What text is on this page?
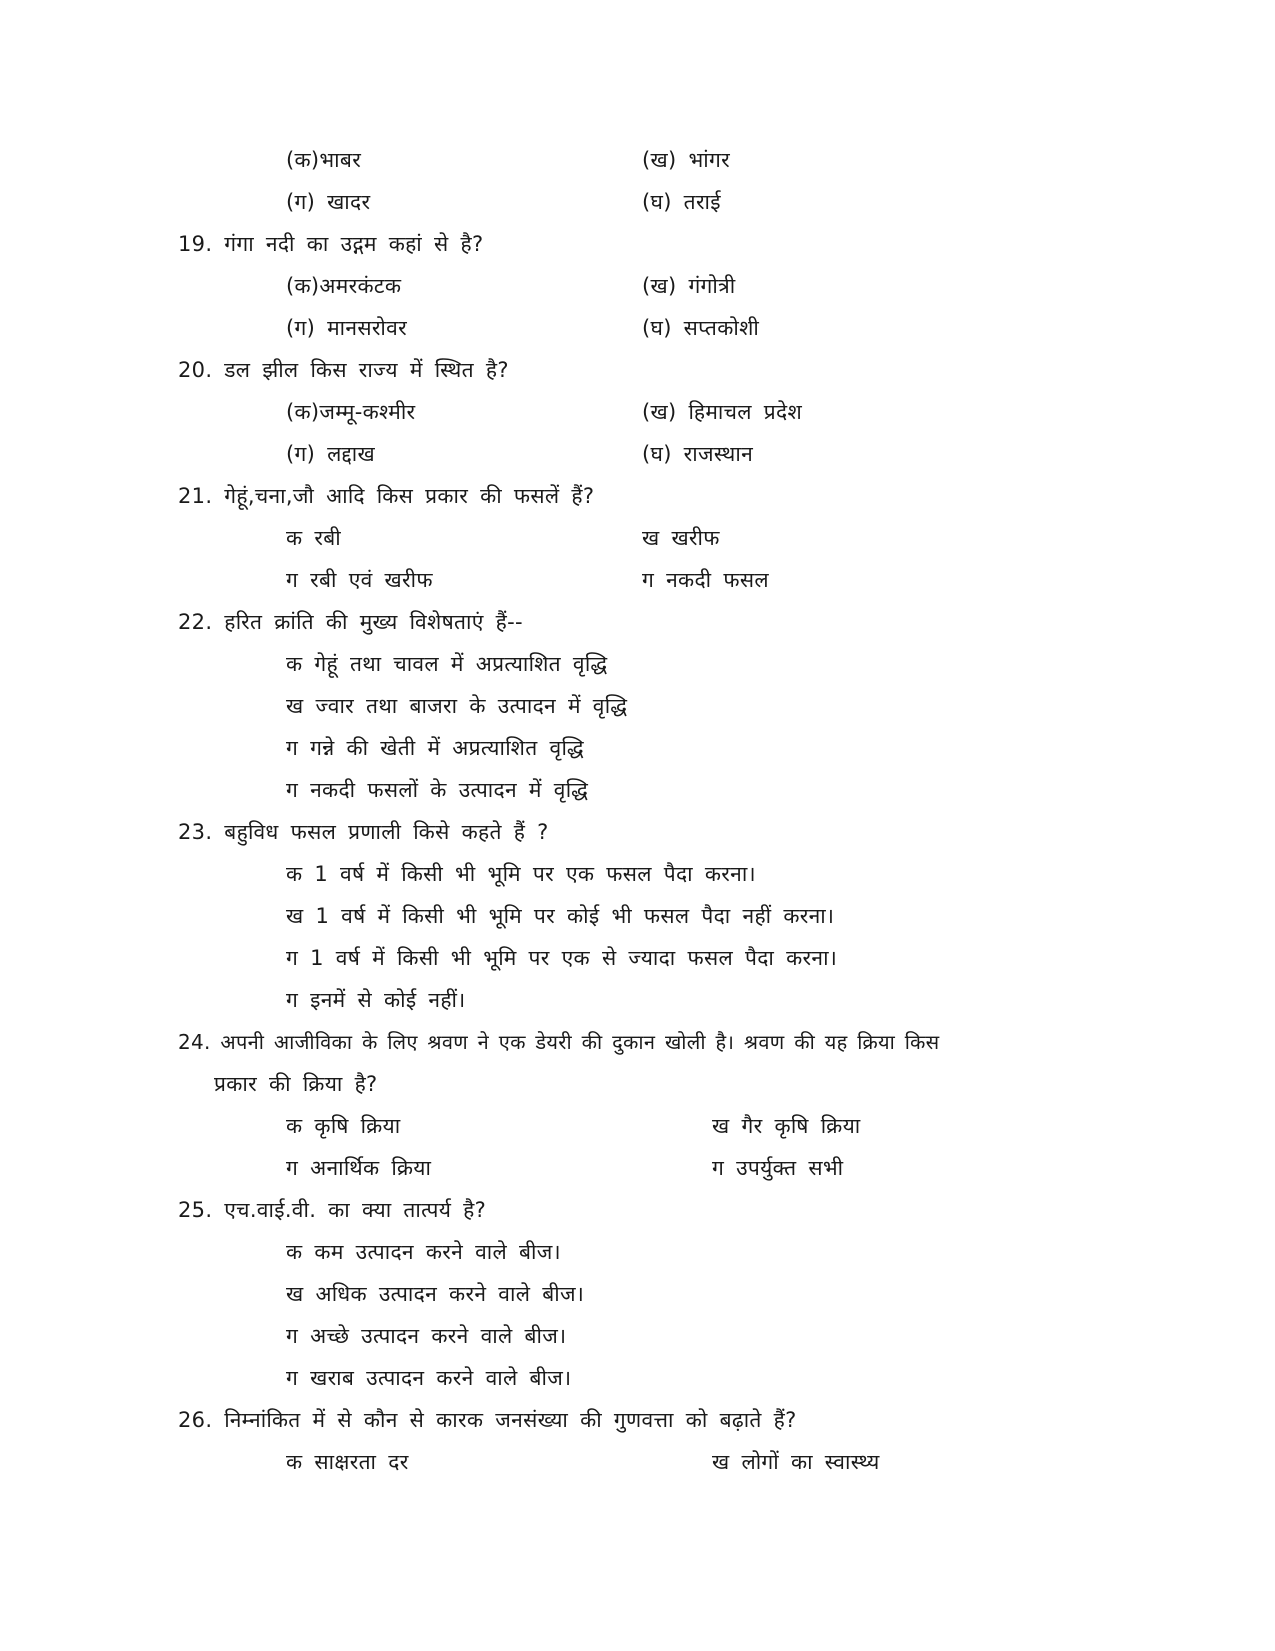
(क)भाबर	(ख) भांगर
(ग) खादर	(घ) तराई
19. गंगा नदी का उद्गम कहां से है?
(क)अमरकंटक	(ख) गंगोत्री
(ग) मानसरोवर	(घ) सप्तकोशी
20. डल झील किस राज्य में स्थित है?
(क)जम्मू-कश्मीर	(ख) हिमाचल प्रदेश
(ग) लद्दाख	(घ) राजस्थान
21. गेहूं,चना,जौ आदि किस प्रकार की फसलें हैं?
क रबी	ख खरीफ
ग रबी एवं खरीफ	ग नकदी फसल
22. हरित क्रांति की मुख्य विशेषताएं हैं--
क गेहूं तथा चावल में अप्रत्याशित वृद्धि
ख ज्वार तथा बाजरा के उत्पादन में वृद्धि
ग गन्ने की खेती में अप्रत्याशित वृद्धि
ग नकदी फसलों के उत्पादन में वृद्धि
23. बहुविध फसल प्रणाली किसे कहते हैं ?
क 1 वर्ष में किसी भी भूमि पर एक फसल पैदा करना।
ख 1 वर्ष में किसी भी भूमि पर कोई भी फसल पैदा नहीं करना।
ग 1 वर्ष में किसी भी भूमि पर एक से ज्यादा फसल पैदा करना।
ग इनमें से कोई नहीं।
24. अपनी आजीविका के लिए श्रवण ने एक डेयरी की दुकान खोली है। श्रवण की यह क्रिया किस
प्रकार की क्रिया है?
क कृषि क्रिया	ख गैर कृषि क्रिया
ग अनार्थिक क्रिया	ग उपर्युक्त सभी
25. एच.वाई.वी. का क्या तात्पर्य है?
क कम उत्पादन करने वाले बीज।
ख अधिक उत्पादन करने वाले बीज।
ग अच्छे उत्पादन करने वाले बीज।
ग खराब उत्पादन करने वाले बीज।
26. निम्नांकित में से कौन से कारक जनसंख्या की गुणवत्ता को बढ़ाते हैं?
क साक्षरता दर	ख लोगों का स्वास्थ्य
